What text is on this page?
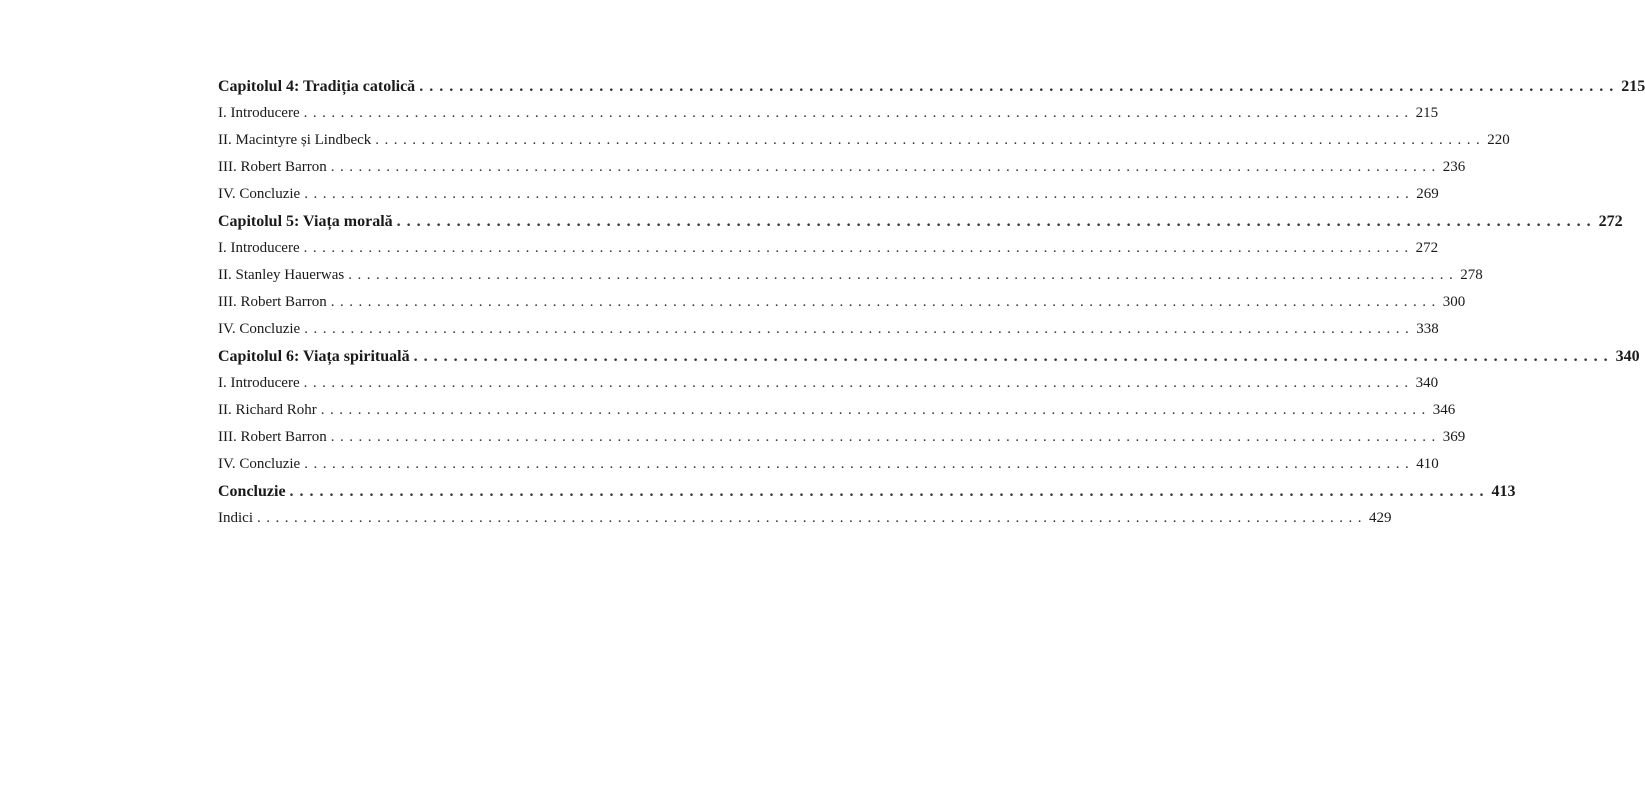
Capitolul 4: Tradiția catolică ........................................................................................................................ 215
I. Introducere ........................................................................................................................ 215
II. Macintyre și Lindbeck ........................................................................................................................ 220
III. Robert Barron ........................................................................................................................ 236
IV. Concluzie ........................................................................................................................ 269
Capitolul 5: Viața morală ........................................................................................................................ 272
I. Introducere ........................................................................................................................ 272
II. Stanley Hauerwas ........................................................................................................................ 278
III. Robert Barron ........................................................................................................................ 300
IV. Concluzie ........................................................................................................................ 338
Capitolul 6: Viața spirituală ........................................................................................................................ 340
I. Introducere ........................................................................................................................ 340
II. Richard Rohr ........................................................................................................................ 346
III. Robert Barron ........................................................................................................................ 369
IV. Concluzie ........................................................................................................................ 410
Concluzie ........................................................................................................................ 413
Indici ........................................................................................................................ 429
